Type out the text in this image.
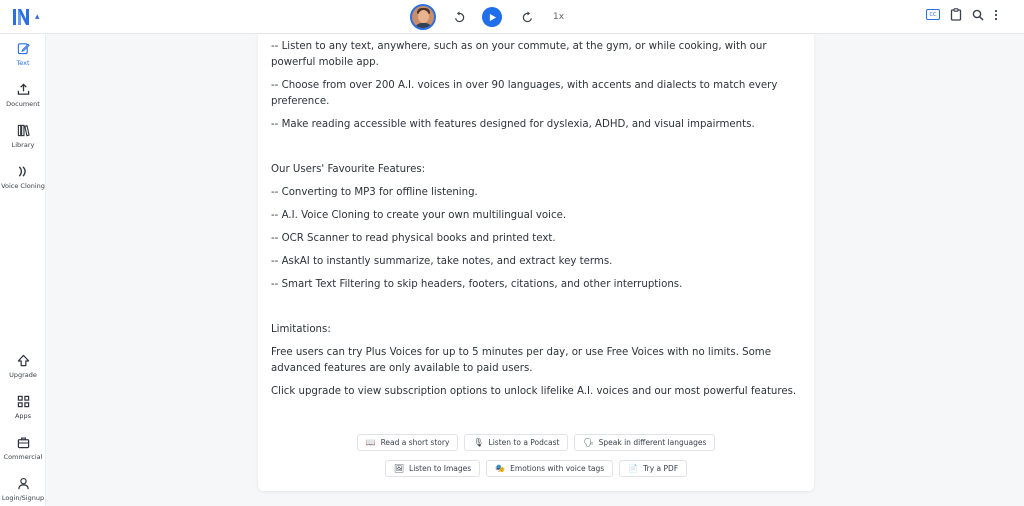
▴	1x	CC
Text
Document
Library
Voice Cloning
Upgrade
Apps
Commercial
Login/Signup

-- Listen to any text, anywhere, such as on your commute, at the gym, or while cooking, with our powerful mobile app.

-- Choose from over 200 A.I. voices in over 90 languages, with accents and dialects to match every preference.

-- Make reading accessible with features designed for dyslexia, ADHD, and visual impairments.

Our Users' Favourite Features:

-- Converting to MP3 for offline listening.

-- A.I. Voice Cloning to create your own multilingual voice.

-- OCR Scanner to read physical books and printed text.

-- AskAI to instantly summarize, take notes, and extract key terms.

-- Smart Text Filtering to skip headers, footers, citations, and other interruptions.

Limitations:

Free users can try Plus Voices for up to 5 minutes per day, or use Free Voices with no limits. Some advanced features are only available to paid users.

Click upgrade to view subscription options to unlock lifelike A.I. voices and our most powerful features.

📖 Read a short story	🎙 Listen to a Podcast	🗣 Speak in different languages
🖼 Listen to Images	🎭 Emotions with voice tags	📄 Try a PDF
